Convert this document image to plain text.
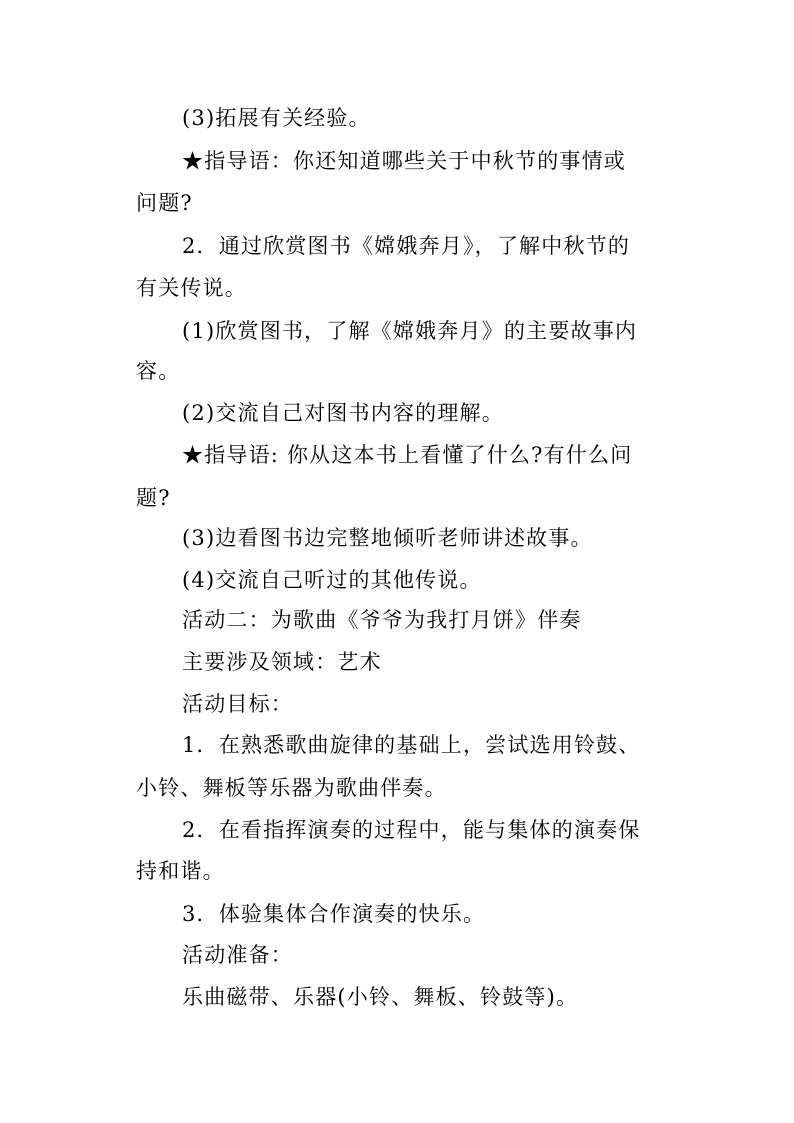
(3)拓展有关经验。
★指导语：你还知道哪些关于中秋节的事情或
问题?
2．通过欣赏图书《嫦娥奔月》，了解中秋节的
有关传说。
(1)欣赏图书，了解《嫦娥奔月》的主要故事内
容。
(2)交流自己对图书内容的理解。
★指导语: 你从这本书上看懂了什么?有什么问
题?
(3)边看图书边完整地倾听老师讲述故事。
(4)交流自己听过的其他传说。
活动二：为歌曲《爷爷为我打月饼》伴奏
主要涉及领域：艺术
活动目标：
1．在熟悉歌曲旋律的基础上，尝试选用铃鼓、
小铃、舞板等乐器为歌曲伴奏。
2．在看指挥演奏的过程中，能与集体的演奏保
持和谐。
3．体验集体合作演奏的快乐。
活动准备：
乐曲磁带、乐器(小铃、舞板、铃鼓等)。
